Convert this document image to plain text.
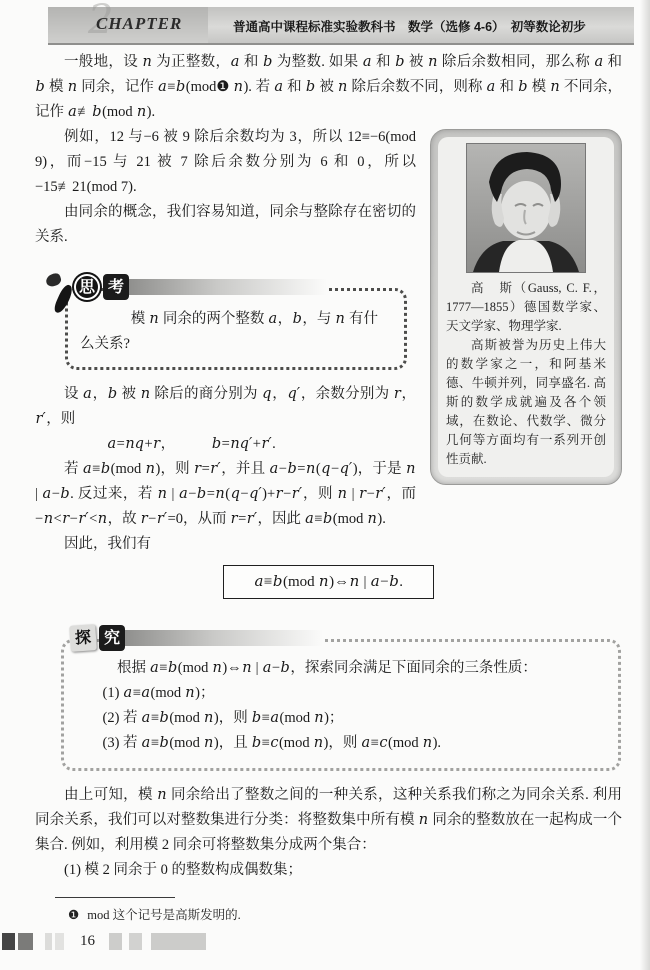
2
CHAPTER	普通高中课程标准实验教科书　数学（选修 4-6）　初等数论初步

一般地，设 n 为正整数，a 和 b 为整数. 如果 a 和 b 被 n 除后余数相同，那么称 a 和 b 模 n 同余，记作 a≡b(mod❶ n). 若 a 和 b 被 n 除后余数不同，则称 a 和 b 模 n 不同余，记作 a≢b(mod n).

高　斯（Gauss, C. F.，1777—1855）德国数学家、天文学家、物理学家.

高斯被誉为历史上伟大的数学家之一，和阿基米德、牛顿并列，同享盛名. 高斯的数学成就遍及各个领域，在数论、代数学、微分几何等方面均有一系列开创性贡献.

例如，12 与−6 被 9 除后余数均为 3，所以 12≡−6(mod 9)，而−15 与 21 被 7 除后余数分别为 6 和 0，所以−15≢21(mod 7).

由同余的概念，我们容易知道，同余与整除存在密切的关系.

思 考

模 n 同余的两个整数 a，b，与 n 有什么关系?

设 a，b 被 n 除后的商分别为 q，q′，余数分别为 r，r′，则

a=nq+r，　　　b=nq′+r′.

若 a≡b(mod n)，则 r=r′，并且 a−b=n(q−q′)，于是 n | a−b. 反过来，若 n | a−b=n(q−q′)+r−r′，则 n | r−r′，而−n<r−r′<n，故 r−r′=0，从而 r=r′，因此 a≡b(mod n).

因此，我们有

a≡b(mod n)⇔n | a−b.
探 究

根据 a≡b(mod n)⇔n | a−b，探索同余满足下面同余的三条性质：

(1) a≡a(mod n)；

(2) 若 a≡b(mod n)，则 b≡a(mod n)；

(3) 若 a≡b(mod n)，且 b≡c(mod n)，则 a≡c(mod n).

由上可知，模 n 同余给出了整数之间的一种关系，这种关系我们称之为同余关系. 利用同余关系，我们可以对整数集进行分类：将整数集中所有模 n 同余的整数放在一起构成一个集合. 例如，利用模 2 同余可将整数集分成两个集合：

(1) 模 2 同余于 0 的整数构成偶数集；

❶ mod 这个记号是高斯发明的.
16
